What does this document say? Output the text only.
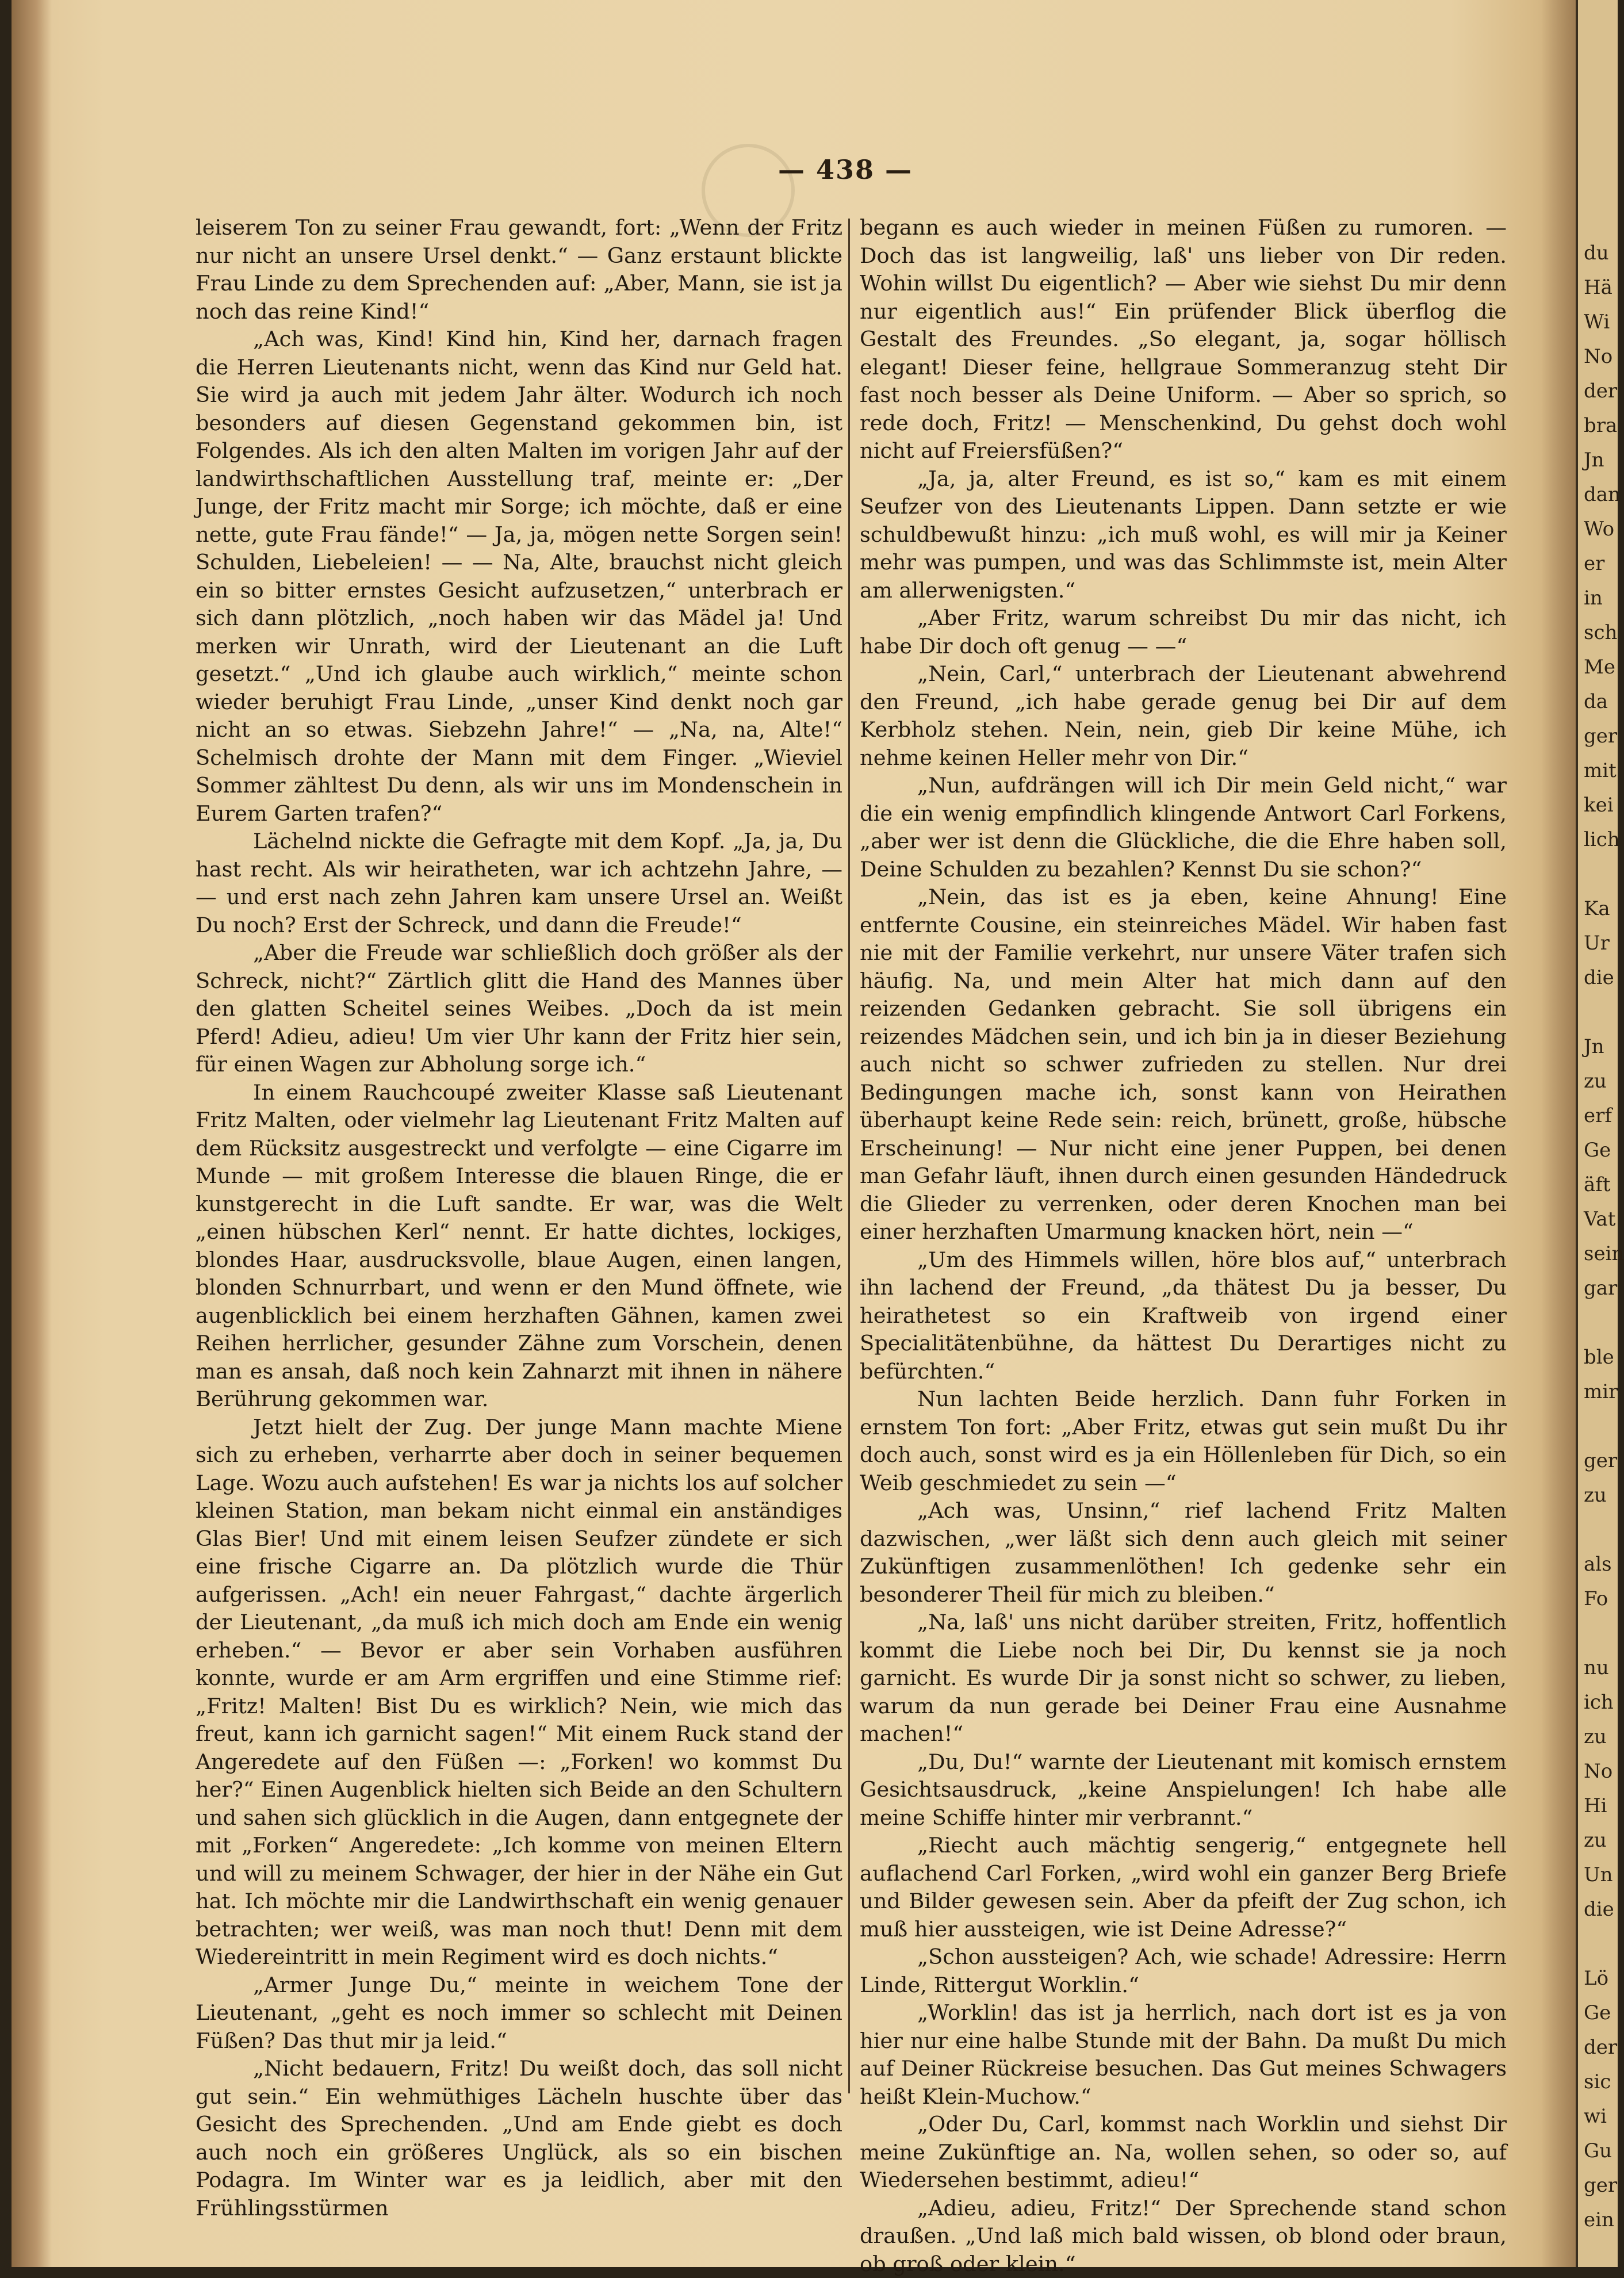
— 438 —

leiserem Ton zu seiner Frau gewandt, fort: „Wenn der Fritz nur nicht an unsere Ursel denkt.“ — Ganz erstaunt blickte Frau Linde zu dem Sprechenden auf: „Aber, Mann, sie ist ja noch das reine Kind!“

„Ach was, Kind! Kind hin, Kind her, darnach fragen die Herren Lieutenants nicht, wenn das Kind nur Geld hat. Sie wird ja auch mit jedem Jahr älter. Wodurch ich noch besonders auf diesen Gegenstand gekommen bin, ist Folgendes. Als ich den alten Malten im vorigen Jahr auf der landwirthschaftlichen Ausstellung traf, meinte er: „Der Junge, der Fritz macht mir Sorge; ich möchte, daß er eine nette, gute Frau fände!“ — Ja, ja, mögen nette Sorgen sein! Schulden, Liebeleien! — — Na, Alte, brauchst nicht gleich ein so bitter ernstes Gesicht aufzusetzen,“ unterbrach er sich dann plötzlich, „noch haben wir das Mädel ja! Und merken wir Unrath, wird der Lieutenant an die Luft gesetzt.“ „Und ich glaube auch wirklich,“ meinte schon wieder beruhigt Frau Linde, „unser Kind denkt noch gar nicht an so etwas. Siebzehn Jahre!“ — „Na, na, Alte!“ Schelmisch drohte der Mann mit dem Finger. „Wieviel Sommer zähltest Du denn, als wir uns im Mondenschein in Eurem Garten trafen?“

Lächelnd nickte die Gefragte mit dem Kopf. „Ja, ja, Du hast recht. Als wir heiratheten, war ich achtzehn Jahre, — — und erst nach zehn Jahren kam unsere Ursel an. Weißt Du noch? Erst der Schreck, und dann die Freude!“

„Aber die Freude war schließlich doch größer als der Schreck, nicht?“ Zärtlich glitt die Hand des Mannes über den glatten Scheitel seines Weibes. „Doch da ist mein Pferd! Adieu, adieu! Um vier Uhr kann der Fritz hier sein, für einen Wagen zur Abholung sorge ich.“

In einem Rauchcoupé zweiter Klasse saß Lieutenant Fritz Malten, oder vielmehr lag Lieutenant Fritz Malten auf dem Rücksitz ausgestreckt und verfolgte — eine Cigarre im Munde — mit großem Interesse die blauen Ringe, die er kunstgerecht in die Luft sandte. Er war, was die Welt „einen hübschen Kerl“ nennt. Er hatte dichtes, lockiges, blondes Haar, ausdrucksvolle, blaue Augen, einen langen, blonden Schnurrbart, und wenn er den Mund öffnete, wie augenblicklich bei einem herzhaften Gähnen, kamen zwei Reihen herrlicher, gesunder Zähne zum Vorschein, denen man es ansah, daß noch kein Zahnarzt mit ihnen in nähere Berührung gekommen war.

Jetzt hielt der Zug. Der junge Mann machte Miene sich zu erheben, verharrte aber doch in seiner bequemen Lage. Wozu auch aufstehen! Es war ja nichts los auf solcher kleinen Station, man bekam nicht einmal ein anständiges Glas Bier! Und mit einem leisen Seufzer zündete er sich eine frische Cigarre an. Da plötzlich wurde die Thür aufgerissen. „Ach! ein neuer Fahrgast,“ dachte ärgerlich der Lieutenant, „da muß ich mich doch am Ende ein wenig erheben.“ — Bevor er aber sein Vorhaben ausführen konnte, wurde er am Arm ergriffen und eine Stimme rief: „Fritz! Malten! Bist Du es wirklich? Nein, wie mich das freut, kann ich garnicht sagen!“ Mit einem Ruck stand der Angeredete auf den Füßen —: „Forken! wo kommst Du her?“ Einen Augenblick hielten sich Beide an den Schultern und sahen sich glücklich in die Augen, dann entgegnete der mit „Forken“ Angeredete: „Ich komme von meinen Eltern und will zu meinem Schwager, der hier in der Nähe ein Gut hat. Ich möchte mir die Landwirthschaft ein wenig genauer betrachten; wer weiß, was man noch thut! Denn mit dem Wiedereintritt in mein Regiment wird es doch nichts.“

„Armer Junge Du,“ meinte in weichem Tone der Lieutenant, „geht es noch immer so schlecht mit Deinen Füßen? Das thut mir ja leid.“

„Nicht bedauern, Fritz! Du weißt doch, das soll nicht gut sein.“ Ein wehmüthiges Lächeln huschte über das Gesicht des Sprechenden. „Und am Ende giebt es doch auch noch ein größeres Unglück, als so ein bischen Podagra. Im Winter war es ja leidlich, aber mit den Frühlingsstürmen

begann es auch wieder in meinen Füßen zu rumoren. — Doch das ist langweilig, laß' uns lieber von Dir reden. Wohin willst Du eigentlich? — Aber wie siehst Du mir denn nur eigentlich aus!“ Ein prüfender Blick überflog die Gestalt des Freundes. „So elegant, ja, sogar höllisch elegant! Dieser feine, hellgraue Sommeranzug steht Dir fast noch besser als Deine Uniform. — Aber so sprich, so rede doch, Fritz! — Menschenkind, Du gehst doch wohl nicht auf Freiersfüßen?“

„Ja, ja, alter Freund, es ist so,“ kam es mit einem Seufzer von des Lieutenants Lippen. Dann setzte er wie schuldbewußt hinzu: „ich muß wohl, es will mir ja Keiner mehr was pumpen, und was das Schlimmste ist, mein Alter am allerwenigsten.“

„Aber Fritz, warum schreibst Du mir das nicht, ich habe Dir doch oft genug — —“

„Nein, Carl,“ unterbrach der Lieutenant abwehrend den Freund, „ich habe gerade genug bei Dir auf dem Kerbholz stehen. Nein, nein, gieb Dir keine Mühe, ich nehme keinen Heller mehr von Dir.“

„Nun, aufdrängen will ich Dir mein Geld nicht,“ war die ein wenig empfindlich klingende Antwort Carl Forkens, „aber wer ist denn die Glückliche, die die Ehre haben soll, Deine Schulden zu bezahlen? Kennst Du sie schon?“

„Nein, das ist es ja eben, keine Ahnung! Eine entfernte Cousine, ein steinreiches Mädel. Wir haben fast nie mit der Familie verkehrt, nur unsere Väter trafen sich häufig. Na, und mein Alter hat mich dann auf den reizenden Gedanken gebracht. Sie soll übrigens ein reizendes Mädchen sein, und ich bin ja in dieser Beziehung auch nicht so schwer zufrieden zu stellen. Nur drei Bedingungen mache ich, sonst kann von Heirathen überhaupt keine Rede sein: reich, brünett, große, hübsche Erscheinung! — Nur nicht eine jener Puppen, bei denen man Gefahr läuft, ihnen durch einen gesunden Händedruck die Glieder zu verrenken, oder deren Knochen man bei einer herzhaften Umarmung knacken hört, nein —“

„Um des Himmels willen, höre blos auf,“ unterbrach ihn lachend der Freund, „da thätest Du ja besser, Du heirathetest so ein Kraftweib von irgend einer Specialitätenbühne, da hättest Du Derartiges nicht zu befürchten.“

Nun lachten Beide herzlich. Dann fuhr Forken in ernstem Ton fort: „Aber Fritz, etwas gut sein mußt Du ihr doch auch, sonst wird es ja ein Höllenleben für Dich, so ein Weib geschmiedet zu sein —“

„Ach was, Unsinn,“ rief lachend Fritz Malten dazwischen, „wer läßt sich denn auch gleich mit seiner Zukünftigen zusammenlöthen! Ich gedenke sehr ein besonderer Theil für mich zu bleiben.“

„Na, laß' uns nicht darüber streiten, Fritz, hoffentlich kommt die Liebe noch bei Dir, Du kennst sie ja noch garnicht. Es wurde Dir ja sonst nicht so schwer, zu lieben, warum da nun gerade bei Deiner Frau eine Ausnahme machen!“

„Du, Du!“ warnte der Lieutenant mit komisch ernstem Gesichtsausdruck, „keine Anspielungen! Ich habe alle meine Schiffe hinter mir verbrannt.“

„Riecht auch mächtig sengerig,“ entgegnete hell auflachend Carl Forken, „wird wohl ein ganzer Berg Briefe und Bilder gewesen sein. Aber da pfeift der Zug schon, ich muß hier aussteigen, wie ist Deine Adresse?“

„Schon aussteigen? Ach, wie schade! Adressire: Herrn Linde, Rittergut Worklin.“

„Worklin! das ist ja herrlich, nach dort ist es ja von hier nur eine halbe Stunde mit der Bahn. Da mußt Du mich auf Deiner Rückreise besuchen. Das Gut meines Schwagers heißt Klein-Muchow.“

„Oder Du, Carl, kommst nach Worklin und siehst Dir meine Zukünftige an. Na, wollen sehen, so oder so, auf Wiedersehen bestimmt, adieu!“

„Adieu, adieu, Fritz!“ Der Sprechende stand schon draußen. „Und laß mich bald wissen, ob blond oder braun, ob groß oder klein.“

du
Hä
Wi
No
der
bra
Jn
dan
Wo
er
in
sch
Me
da
ger
mit
kei
lich

Ka
Ur
die

Jn
zu
erf
Ge
äft
Vat
sein
gar

ble
mir

ger
zu

als
Fo

nu
ich
zu
No
Hi
zu
Un
die

Lö
Ge
der
sic
wi
Gu
ger
ein
